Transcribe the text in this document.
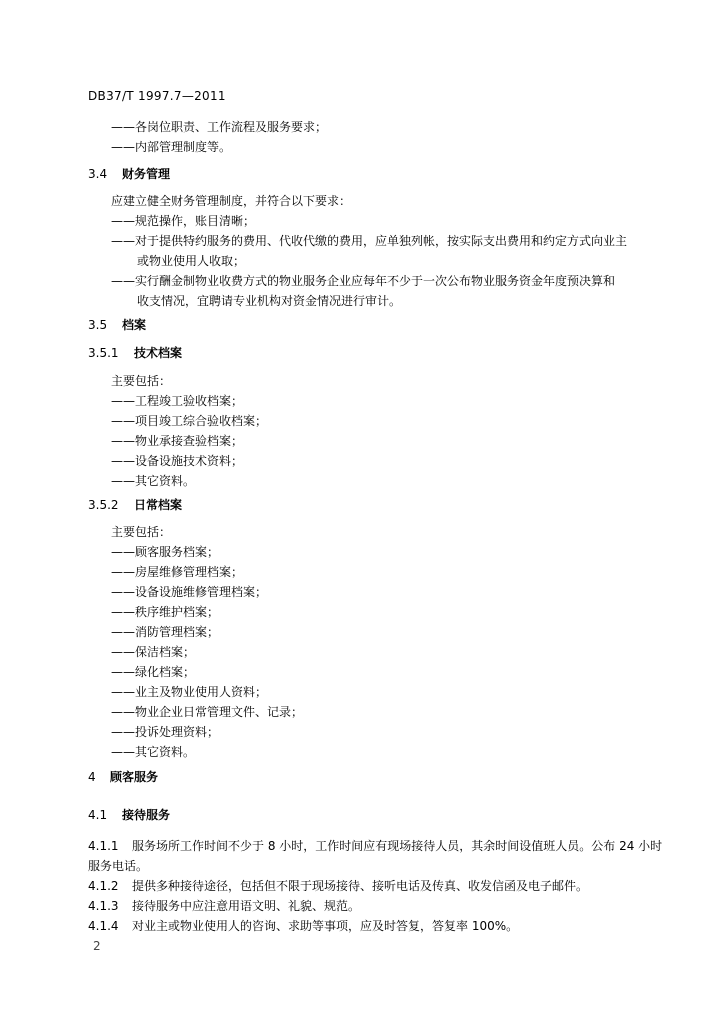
DB37/T 1997.7—2011
——各岗位职责、工作流程及服务要求；
——内部管理制度等。
3.4 财务管理
应建立健全财务管理制度，并符合以下要求：
——规范操作，账目清晰；
——对于提供特约服务的费用、代收代缴的费用，应单独列帐，按实际支出费用和约定方式向业主
或物业使用人收取；
——实行酬金制物业收费方式的物业服务企业应每年不少于一次公布物业服务资金年度预决算和
收支情况，宜聘请专业机构对资金情况进行审计。
3.5 档案
3.5.1 技术档案
主要包括：
——工程竣工验收档案；
——项目竣工综合验收档案；
——物业承接查验档案；
——设备设施技术资料；
——其它资料。
3.5.2 日常档案
主要包括：
——顾客服务档案；
——房屋维修管理档案；
——设备设施维修管理档案；
——秩序维护档案；
——消防管理档案；
——保洁档案；
——绿化档案；
——业主及物业使用人资料；
——物业企业日常管理文件、记录；
——投诉处理资料；
——其它资料。
4 顾客服务
4.1 接待服务
4.1.1 服务场所工作时间不少于 8 小时，工作时间应有现场接待人员，其余时间设值班人员。公布 24 小时服务电话。
4.1.2 提供多种接待途径，包括但不限于现场接待、接听电话及传真、收发信函及电子邮件。
4.1.3 接待服务中应注意用语文明、礼貌、规范。
4.1.4 对业主或物业使用人的咨询、求助等事项，应及时答复，答复率 100%。
2
